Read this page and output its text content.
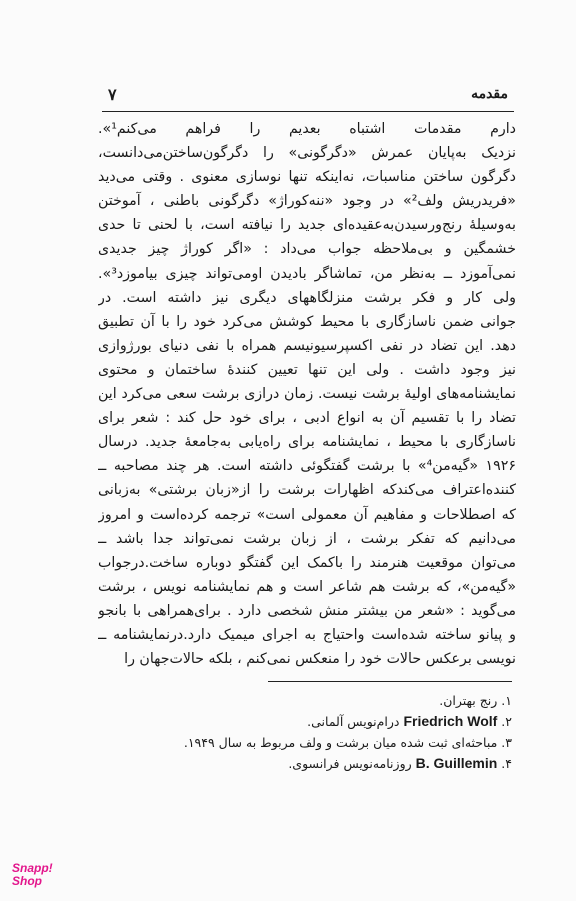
مقدمه
۷
دارم مقدمات اشتباه بعدیم را فراهم می‌کنم¹».
نزدیک به‌پایان عمرش «دگرگونی» را دگرگون‌ساختن‌می‌دانست،
دگرگون ساختن مناسبات، نه‌اینکه تنها نوسازی معنوی . وقتی می‌دید
«فریدریش ولف²» در وجود «ننه‌کوراژ» دگرگونی باطنی ، آموختن
به‌وسیلهٔ رنج‌ورسیدن‌به‌عقیده‌ای جدید را نیافته است، با لحنی تا حدی
خشمگین و بی‌ملاحظه جواب می‌داد : «اگر کوراژ چیز جدیدی
نمی‌آموزد ــ به‌نظر من، تماشاگر بادیدن اومی‌تواند چیزی بیاموزد³».
ولی کار و فکر برشت منزلگاههای دیگری نیز داشته است. در
جوانی ضمن ناسازگاری با محیط کوشش می‌کرد خود را با آن تطبیق
دهد. این تضاد در نفی اکسپرسیونیسم همراه با نفی دنیای بورژوازی
نیز وجود داشت . ولی این تنها تعیین کنندهٔ ساختمان و محتوی
نمایشنامه‌های اولیهٔ برشت نیست. زمان درازی برشت سعی می‌کرد این
تضاد را با تقسیم آن به انواع ادبی ، برای خود حل کند : شعر برای
ناسازگاری با محیط ، نمایشنامه برای راه‌یابی به‌جامعهٔ جدید. درسال
۱۹۲۶ «گیه‌من⁴» با برشت گفتگوئی داشته است. هر چند مصاحبه ــ
کننده‌اعتراف می‌کندکه اظهارات برشت را از«زبان برشتی» به‌زبانی
که اصطلاحات و مفاهیم آن معمولی است» ترجمه کرده‌است و امروز
می‌دانیم که تفکر برشت ، از زبان برشت نمی‌تواند جدا باشد ــ
می‌توان موقعیت هنرمند را باکمک این گفتگو دوباره ساخت.درجواب
«گیه‌من»، که برشت هم شاعر است و هم نمایشنامه نویس ، برشت
می‌گوید : «شعر من بیشتر منش شخصی دارد . برای‌همراهی با بانجو
و پیانو ساخته شده‌است واحتیاج به اجرای میمیک دارد.درنمایشنامه ــ
نویسی برعکس حالات خود را منعکس نمی‌کنم ، بلکه حالات‌جهان را
۱. رنج بهتران.
۲. Friedrich Wolf درام‌نویس آلمانی.
۳. مباحثه‌ای ثبت شده میان برشت و ولف مربوط به سال ۱۹۴۹.
۴. B. Guillemin روزنامه‌نویس فرانسوی.
Snapp!
Shop
